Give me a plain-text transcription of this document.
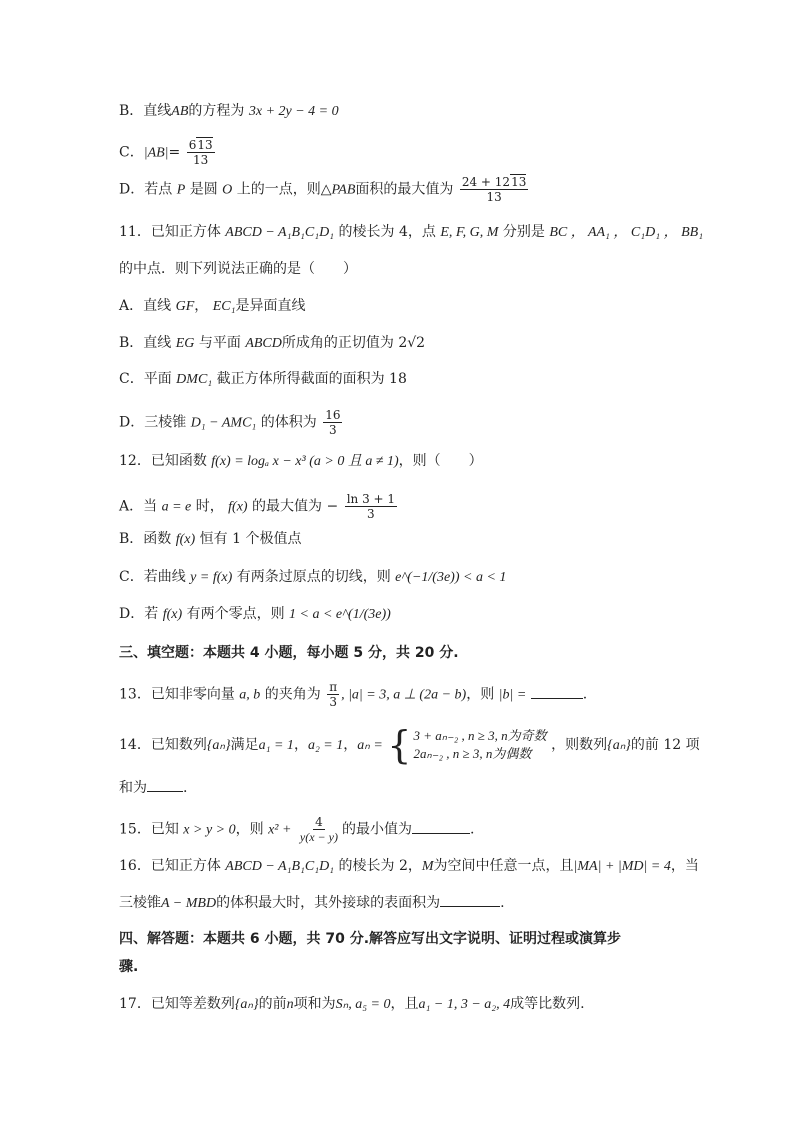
B．直线AB的方程为 3x + 2y − 4 = 0
C．$|AB|= \frac{613}{13}$
D．若点 P 是圆 O 上的一点，则△PAB面积的最大值为 $\frac{24 + 1213}{13}$
11．已知正方体 ABCD − A₁B₁C₁D₁ 的棱长为 4，点 E, F, G, M 分别是 BC ， AA₁ ， C₁D₁ ， BB₁
的中点．则下列说法正确的是（　　）
A．直线 GF， EC₁是异面直线
B．直线 EG 与平面 ABCD所成角的正切值为 2√2
C．平面 DMC₁ 截正方体所得截面的面积为 18
D．三棱锥 D₁ − AMC₁ 的体积为 $\frac{16}{3}$
12．已知函数 f(x) = logₐ x − x³ (a > 0 且 a ≠ 1)，则（　　）
A．当 a = e 时， f(x) 的最大值为 − $\frac{\ln 3 + 1}{3}$
B．函数 f(x) 恒有 1 个极值点
C．若曲线 y = f(x) 有两条过原点的切线，则 e^(−1/(3e)) < a < 1
D．若 f(x) 有两个零点，则 1 < a < e^(1/(3e))
三、填空题：本题共 4 小题，每小题 5 分，共 20 分.
13．已知非零向量 a, b 的夹角为 $\frac{\pi}{3}$ , |a| = 3, a ⊥ (2a − b)，则 |b| =	.
14．已知数列{aₙ}满足a₁ = 1，a₂ = 1，aₙ = { 3 + aₙ₋₂ , n ≥ 3, n为奇数
2aₙ₋₂ , n ≥ 3, n为偶数
，则数列{aₙ}的前 12 项
和为	.
15．已知 x > y > 0，则 $x^2 + \frac{4}{y(x - y)}$ 的最小值为	.
16．已知正方体 ABCD − A₁B₁C₁D₁ 的棱长为 2，M为空间中任意一点，且|MA| + |MD| = 4，当
三棱锥A − MBD的体积最大时，其外接球的表面积为	.
四、解答题：本题共 6 小题，共 70 分.解答应写出文字说明、证明过程或演算步
骤.
17．已知等差数列{aₙ}的前n项和为Sₙ, a₅ = 0，且a₁ − 1, 3 − a₂, 4成等比数列.
